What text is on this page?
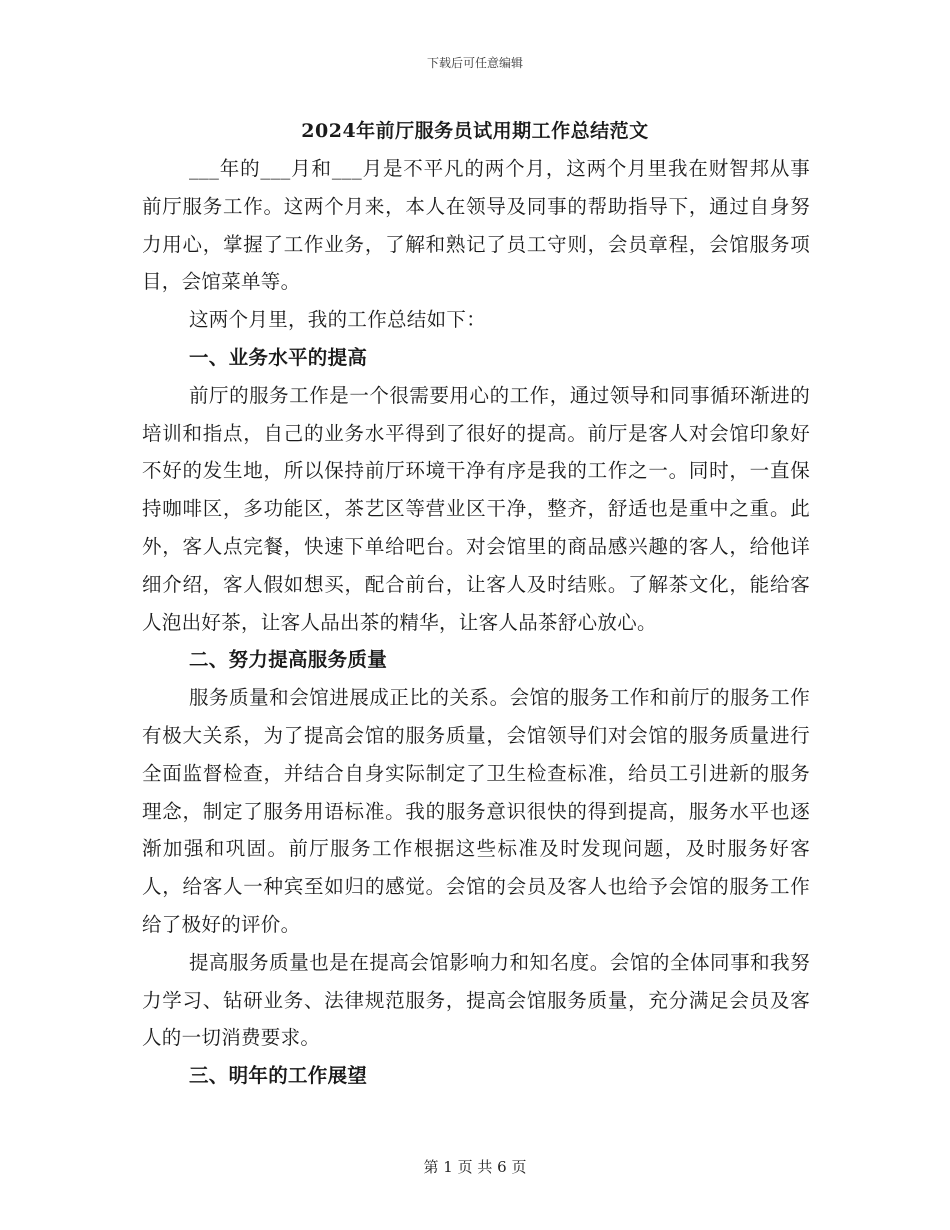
下载后可任意编辑
2024年前厅服务员试用期工作总结范文

___年的___月和___月是不平凡的两个月，这两个月里我在财智邦从事前厅服务工作。这两个月来，本人在领导及同事的帮助指导下，通过自身努力用心，掌握了工作业务，了解和熟记了员工守则，会员章程，会馆服务项目，会馆菜单等。

这两个月里，我的工作总结如下：

一、业务水平的提高

前厅的服务工作是一个很需要用心的工作，通过领导和同事循环渐进的培训和指点，自己的业务水平得到了很好的提高。前厅是客人对会馆印象好不好的发生地，所以保持前厅环境干净有序是我的工作之一。同时，一直保持咖啡区，多功能区，茶艺区等营业区干净，整齐，舒适也是重中之重。此外，客人点完餐，快速下单给吧台。对会馆里的商品感兴趣的客人，给他详细介绍，客人假如想买，配合前台，让客人及时结账。了解茶文化，能给客人泡出好茶，让客人品出茶的精华，让客人品茶舒心放心。

二、努力提高服务质量

服务质量和会馆进展成正比的关系。会馆的服务工作和前厅的服务工作有极大关系，为了提高会馆的服务质量，会馆领导们对会馆的服务质量进行全面监督检查，并结合自身实际制定了卫生检查标准，给员工引进新的服务理念，制定了服务用语标准。我的服务意识很快的得到提高，服务水平也逐渐加强和巩固。前厅服务工作根据这些标准及时发现问题，及时服务好客人，给客人一种宾至如归的感觉。会馆的会员及客人也给予会馆的服务工作给了极好的评价。

提高服务质量也是在提高会馆影响力和知名度。会馆的全体同事和我努力学习、钻研业务、法律规范服务，提高会馆服务质量，充分满足会员及客人的一切消费要求。

三、明年的工作展望
第 1 页 共 6 页
